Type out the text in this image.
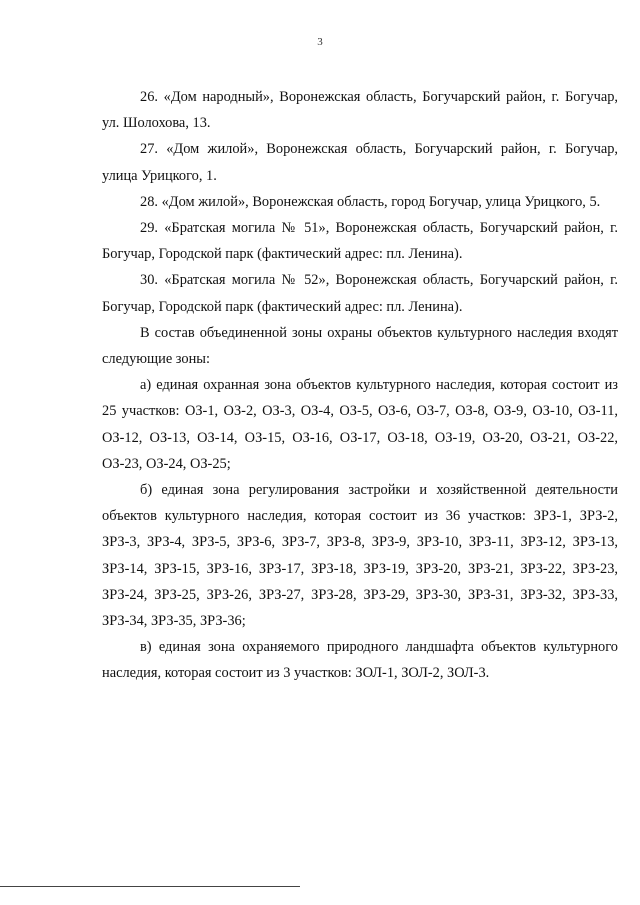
3

26. «Дом народный», Воронежская область, Богучарский район, г. Богучар, ул. Шолохова, 13.

27. «Дом жилой», Воронежская область, Богучарский район, г. Богучар, улица Урицкого, 1.

28. «Дом жилой», Воронежская область, город Богучар, улица Урицкого, 5.

29. «Братская могила № 51», Воронежская область, Богучарский район, г. Богучар, Городской парк (фактический адрес: пл. Ленина).

30. «Братская могила № 52», Воронежская область, Богучарский район, г. Богучар, Городской парк (фактический адрес: пл. Ленина).

В состав объединенной зоны охраны объектов культурного наследия входят следующие зоны:

а) единая охранная зона объектов культурного наследия, которая состоит из 25 участков: ОЗ-1, ОЗ-2, ОЗ-3, ОЗ-4, ОЗ-5, ОЗ-6, ОЗ-7, ОЗ-8, ОЗ-9, ОЗ-10, ОЗ-11, ОЗ-12, ОЗ-13, ОЗ-14, ОЗ-15, ОЗ-16, ОЗ-17, ОЗ-18, ОЗ-19, ОЗ-20, ОЗ-21, ОЗ-22, ОЗ-23, ОЗ-24, ОЗ-25;

б) единая зона регулирования застройки и хозяйственной деятельности объектов культурного наследия, которая состоит из 36 участков: ЗРЗ-1, ЗРЗ-2, ЗРЗ-3, ЗРЗ-4, ЗРЗ-5, ЗРЗ-6, ЗРЗ-7, ЗРЗ-8, ЗРЗ-9, ЗРЗ-10, ЗРЗ-11, ЗРЗ-12, ЗРЗ-13, ЗРЗ-14, ЗРЗ-15, ЗРЗ-16, ЗРЗ-17, ЗРЗ-18, ЗРЗ-19, ЗРЗ-20, ЗРЗ-21, ЗРЗ-22, ЗРЗ-23, ЗРЗ-24, ЗРЗ-25, ЗРЗ-26, ЗРЗ-27, ЗРЗ-28, ЗРЗ-29, ЗРЗ-30, ЗРЗ-31, ЗРЗ-32, ЗРЗ-33, ЗРЗ-34, ЗРЗ-35, ЗРЗ-36;

в) единая зона охраняемого природного ландшафта объектов культурного наследия, которая состоит из 3 участков: ЗОЛ-1, ЗОЛ-2, ЗОЛ-3.
